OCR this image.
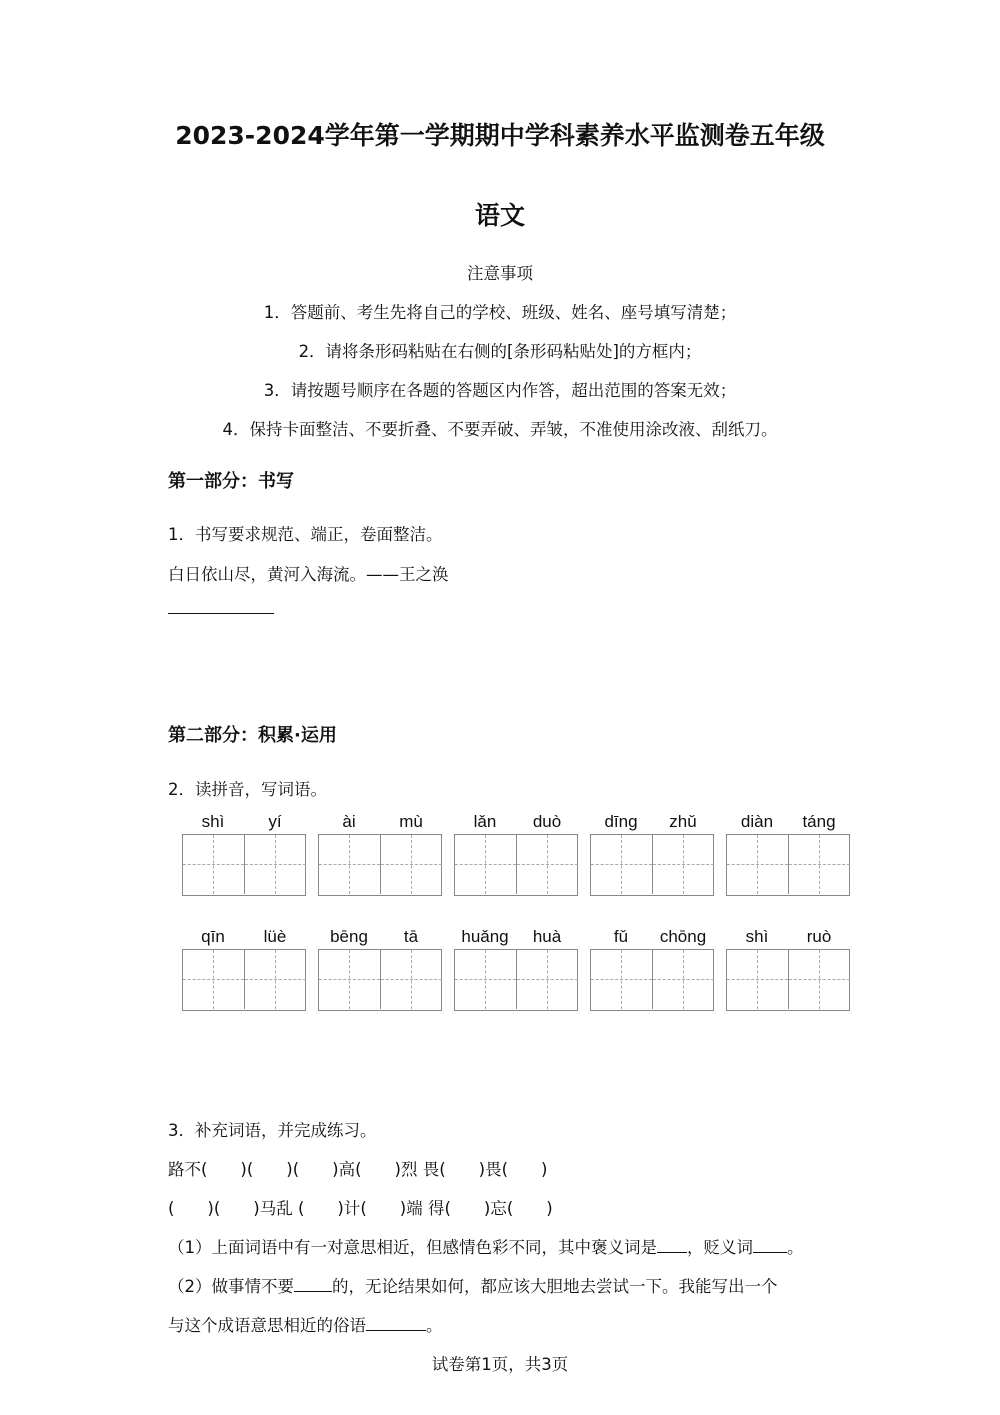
2023-2024学年第一学期期中学科素养水平监测卷五年级
语文
注意事项
1．答题前、考生先将自己的学校、班级、姓名、座号填写清楚；
2．请将条形码粘贴在右侧的[条形码粘贴处]的方框内；
3．请按题号顺序在各题的答题区内作答，超出范围的答案无效；
4．保持卡面整洁、不要折叠、不要弄破、弄皱，不准使用涂改液、刮纸刀。
第一部分：书写
1．书写要求规范、端正，卷面整洁。
白日依山尽，黄河入海流。——王之涣
第二部分：积累·运用
2．读拼音，写词语。
shì	yí	ài	mù	lǎn	duò	dīng	zhǔ	diàn	táng
qīn	lüè	bēng	tā	huǎng	huà	fǔ	chōng	shì	ruò
3．补充词语，并完成练习。
路不(　　)(　　)(　　)高(　　)烈 畏(　　)畏(　　)
(　　)(　　)马乱 (　　)计(　　)端 得(　　)忘(　　)
（1）上面词语中有一对意思相近，但感情色彩不同，其中褒义词是 ，贬义词 。
（2）做事情不要 的，无论结果如何，都应该大胆地去尝试一下。我能写出一个
与这个成语意思相近的俗语	。
试卷第1页，共3页
